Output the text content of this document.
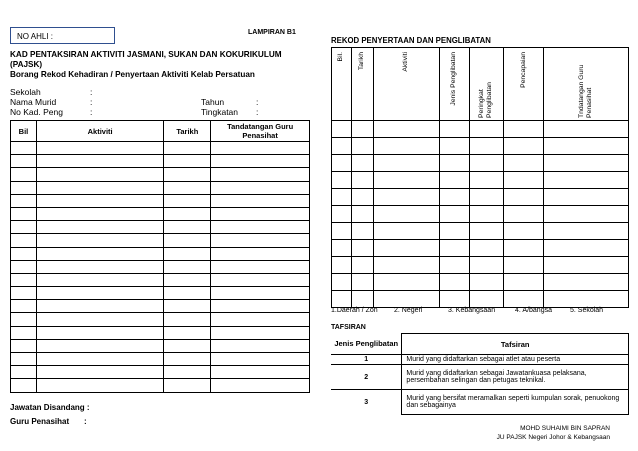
NO AHLI :	LAMPIRAN B1
KAD PENTAKSIRAN AKTIVITI JASMANI, SUKAN DAN KOKURIKULUM (PAJSK)
Borang Rekod Kehadiran / Penyertaan Aktiviti Kelab Persatuan
Sekolah	:
Nama Murid	:
No Kad. Peng	:
Tahun	:
Tingkatan :
Bil	Aktiviti	Tarikh	Tandatangan Guru Penasihat

Jawatan Disandang :
Guru Penasihat :
REKOD PENYERTAAN DAN PENGLIBATAN
Bil.	Tarikh	Aktiviti	Jenis Penglibatan	Peringkat Penglibatan	Pencapaian	Tndatangan Guru Penasihat

1.Daerah / Zon 2. Negeri	3. Kebangsaan	4. A/bangsa	5. Sekolah
TAFSIRAN
Jenis Penglibatan	Tafsiran
1	Murid yang didaftarkan sebagai atlet atau peserta
2	Murid yang didaftarkan sebagai Jawatankuasa pelaksana, persembahan selingan dan petugas teknikal.
3	Murid yang bersifat meramalkan seperti kumpulan sorak, penuokong dan sebagainya
MOHD SUHAIMI BIN SAPRAN
JU PAJSK Negeri Johor & Kebangsaan
